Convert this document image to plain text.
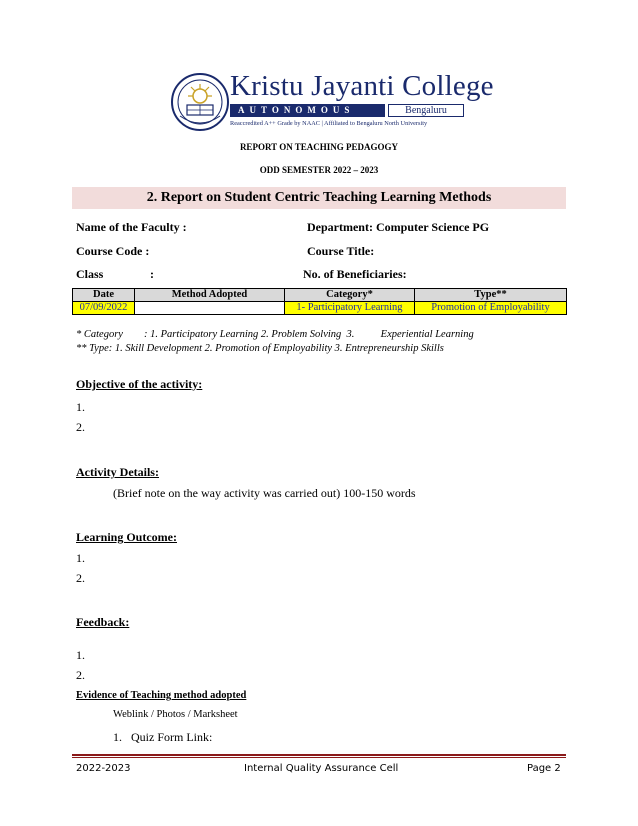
Kristu Jayanti College
AUTONOMOUS	Bengaluru
Reaccredited A++ Grade by NAAC | Affiliated to Bengaluru North University
REPORT ON TEACHING PEDAGOGY
ODD SEMESTER 2022 – 2023
2. Report on Student Centric Teaching Learning Methods
Name of the Faculty :	Department: Computer Science PG
Course Code :	Course Title:
Class	:	No. of Beneficiaries:
Date	Method Adopted	Category*	Type**
07/09/2022		1- Participatory Learning	Promotion of Employability
* Category        : 1. Participatory Learning 2. Problem Solving  3.          Experiential Learning
** Type: 1. Skill Development 2. Promotion of Employability 3. Entrepreneurship Skills
Objective of the activity:
1.
2.
Activity Details:
(Brief note on the way activity was carried out) 100-150 words
Learning Outcome:
1.
2.
Feedback:
1.
2.
Evidence of Teaching method adopted
Weblink / Photos / Marksheet
1. Quiz Form Link:
2022-2023	Internal Quality Assurance Cell	Page 2
